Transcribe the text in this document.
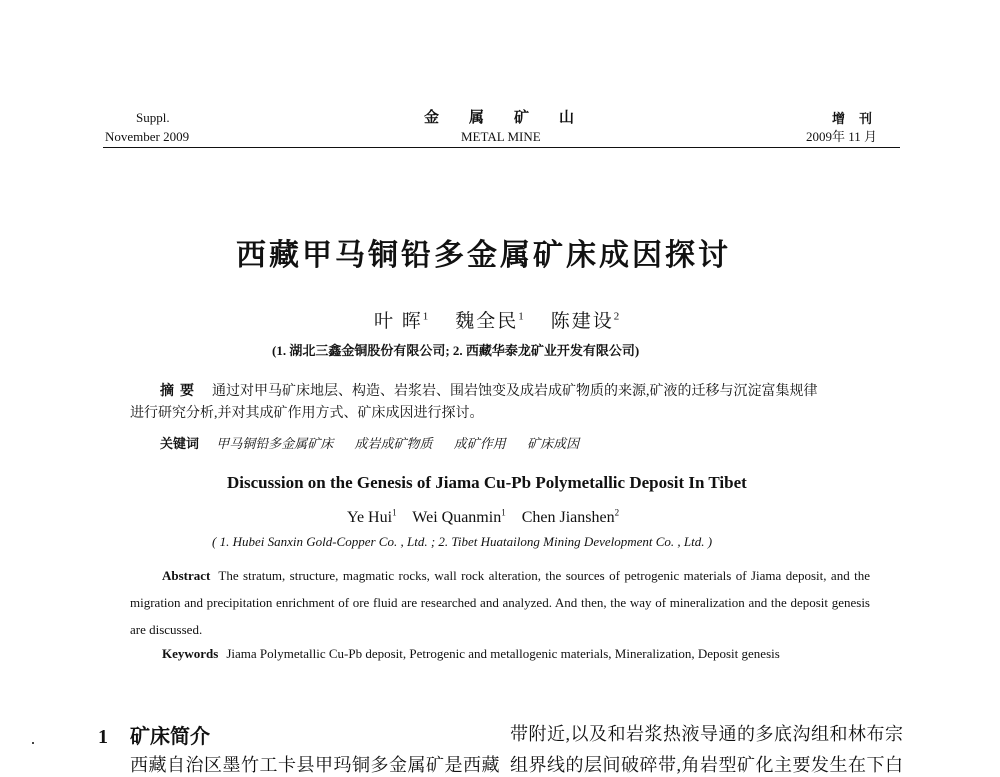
Suppl.
November 2009
金属矿山
METAL MINE
增刊
2009年 11 月
西藏甲马铜铅多金属矿床成因探讨
叶 晖$^1$ 魏全民$^1$ 陈建设$^2$
(1. 湖北三鑫金铜股份有限公司; 2. 西藏华泰龙矿业开发有限公司)
摘要 通过对甲马矿床地层、构造、岩浆岩、围岩蚀变及成岩成矿物质的来源,矿液的迁移与沉淀富集规律
进行研究分析,并对其成矿作用方式、矿床成因进行探讨。
关键词 甲马铜铅多金属矿床 成岩成矿物质 成矿作用 矿床成因
Discussion on the Genesis of Jiama Cu-Pb Polymetallic Deposit In Tibet
Ye Hui$^1$ Wei Quanmin$^1$ Chen Jianshen$^2$
( 1. Hubei Sanxin Gold-Copper Co. , Ltd. ; 2. Tibet Huatailong Mining Development Co. , Ltd. )
Abstract The stratum, structure, magmatic rocks, wall rock alteration, the sources of petrogenic materials of Jiama deposit, and the migration and precipitation enrichment of ore fluid are researched and analyzed. And then, the way of mineralization and the deposit genesis are discussed.
Keywords Jiama Polymetallic Cu-Pb deposit, Petrogenic and metallogenic materials, Mineralization, Deposit genesis
1 矿床简介
西藏自治区墨竹工卡县甲玛铜多金属矿是西藏
带附近,以及和岩浆热液导通的多底沟组和林布宗
组界线的层间破碎带,角岩型矿化主要发生在下白
